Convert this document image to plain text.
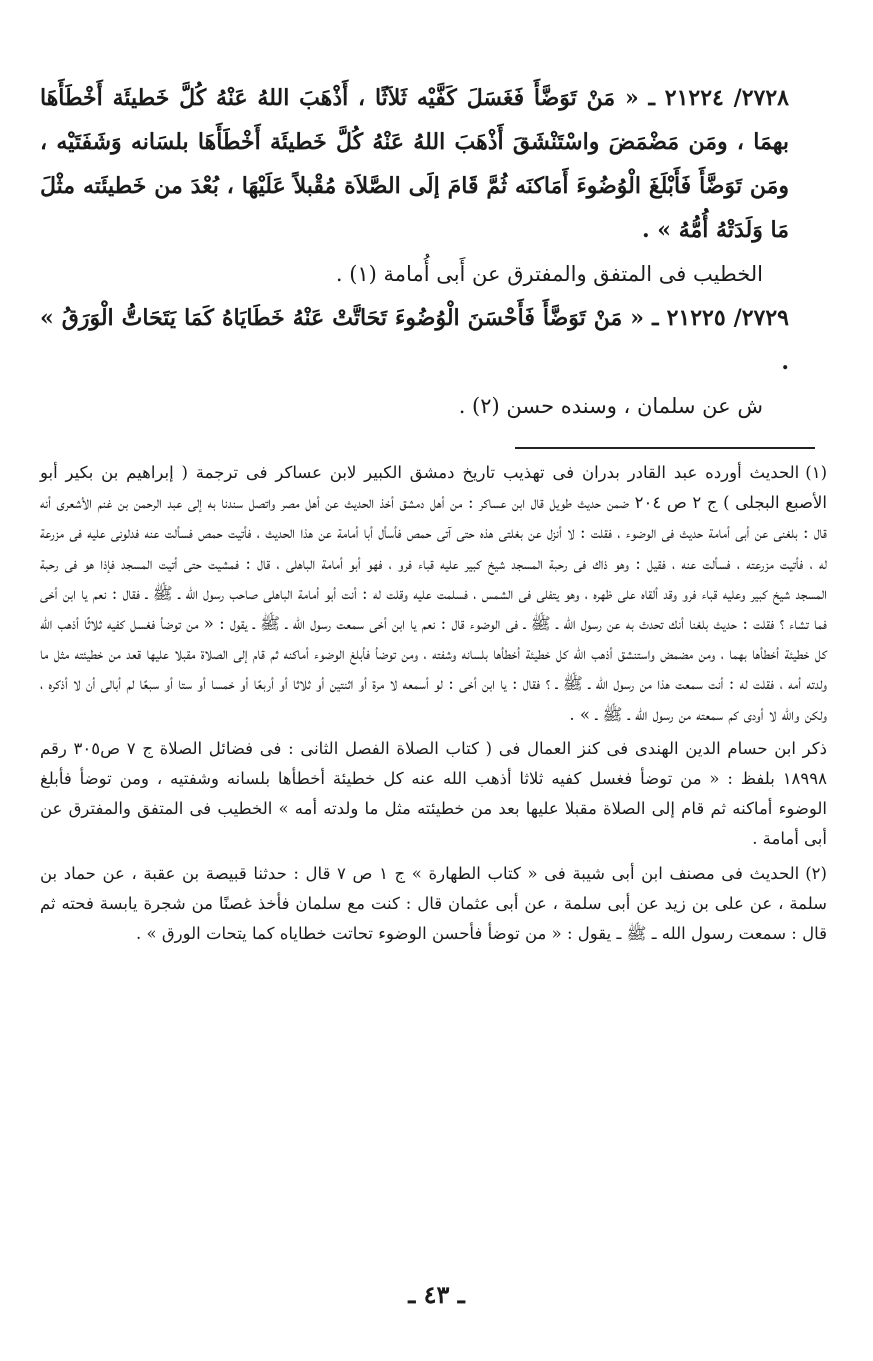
٢٧٢٨/ ٢١٢٢٤ ـ « مَنْ تَوَضَّأَ فَغَسَلَ كَفَّيْه ثَلاَثًا ، أَذْهَبَ اللهُ عَنْهُ كُلَّ خَطيئَة أَخْطَأَهَا بهمَا ، ومَن مَضْمَضَ واسْتَنْشَقَ أَذْهَبَ اللهُ عَنْهُ كُلَّ خَطيئَة أَخْطَأَهَا بلسَانه وَشَفَتَيْه ، ومَن تَوَضَّأَ فَأَبْلَغَ الْوُضُوءَ أَمَاكنَه ثُمَّ قَامَ إلَى الصَّلاَة مُقْبلاً عَلَيْهَا ، بُعْدَ من خَطيئَته مثْلَ مَا وَلَدَتْهُ أُمُّهُ » .

الخطيب فى المتفق والمفترق عن أَبى أُمامة (١) .

٢٧٢٩/ ٢١٢٢٥ ـ « مَنْ تَوَضَّأَ فَأَحْسَنَ الْوُضُوءَ تَحَاتَّتْ عَنْهُ خَطَايَاهُ كَمَا يَتَحَاتُّ الْوَرَقُ » .

ش عن سلمان ، وسنده حسن (٢) .

(١)الحديث أورده عبد القادر بدران فى تهذيب تاريخ دمشق الكبير لابن عساكر فى ترجمة ( إبراهيم بن بكير أبو الأصبع البجلى ) ج ٢ ص ٢٠٤ ضمن حديث طويل قال ابن عساكر : من أهل دمشق أخذ الحديث عن أهل مصر واتصل سندنا به إلى عبد الرحمن بن غنم الأشعرى أنه قال : بلغنى عن أبى أمامة حديث فى الوضوء ، فقلت : لا أنزل عن بغلتى هذه حتى آتى حمص فأسأل أبا أمامة عن هذا الحديث ، فأتيت حمص فسألت عنه فدلونى عليه فى مزرعة له ، فأتيت مزرعته ، فسألت عنه ، فقيل : وهو ذاك فى رحبة المسجد شيخ كبير عليه قباء فرو ، فهو أبو أمامة الباهلى ، قال : فمشيت حتى أتيت المسجد فإذا هو فى رحبة المسجد شيخ كبير وعليه قباء فرو وقد ألقاه على ظهره ، وهو يتفلى فى الشمس ، فسلمت عليه وقلت له : أنت أبو أمامة الباهلى صاحب رسول الله ـ ﷺ ـ فقال : نعم يا ابن أخى فما تشاء ؟ فقلت : حديث بلغنا أنك تحدث به عن رسول الله ـ ﷺ ـ فى الوضوء قال : نعم يا ابن أخى سمعت رسول الله ـ ﷺ ـ يقول : « من توضأ فغسل كفيه ثلاثًا أذهب الله كل خطيئة أخطأها بهما ، ومن مضمض واستنشق أذهب الله كل خطيئة أخطأها بلسانه وشفته ، ومن توضأ فأبلغ الوضوء أماكنه ثم قام إلى الصلاة مقبلا عليها قعد من خطيئته مثل ما ولدته أمه ، فقلت له : أنت سمعت هذا من رسول الله ـ ﷺ ـ ؟ فقال : يا ابن أخى : لو أسمعه لا مرة أو اثنتين أو ثلاثا أو أربعًا أو خمسا أو ستا أو سبعًا لم أبالى أن لا أذكره ، ولكن والله لا أودى كم سمعته من رسول الله ـ ﷺ ـ » .

ذكر ابن حسام الدين الهندى فى كنز العمال فى ( كتاب الصلاة الفصل الثانى : فى فضائل الصلاة ج ٧ ص٣٠٥ رقم ١٨٩٩٨ بلفظ : « من توضأ فغسل كفيه ثلاثا أذهب الله عنه كل خطيئة أخطأها بلسانه وشفتيه ، ومن توضأ فأبلغ الوضوء أماكنه ثم قام إلى الصلاة مقبلا عليها بعد من خطيئته مثل ما ولدته أمه » الخطيب فى المتفق والمفترق عن أبى أمامة .

(٢)الحديث فى مصنف ابن أبى شيبة فى « كتاب الطهارة » ج ١ ص ٧ قال : حدثنا قبيصة بن عقبة ، عن حماد بن سلمة ، عن على بن زيد عن أبى سلمة ، عن أبى عثمان قال : كنت مع سلمان فأخذ غصنًا من شجرة يابسة فحته ثم قال : سمعت رسول الله ـ ﷺ ـ يقول : « من توضأ فأحسن الوضوء تحاتت خطاياه كما يتحات الورق » .

ـ ٤٣ ـ
